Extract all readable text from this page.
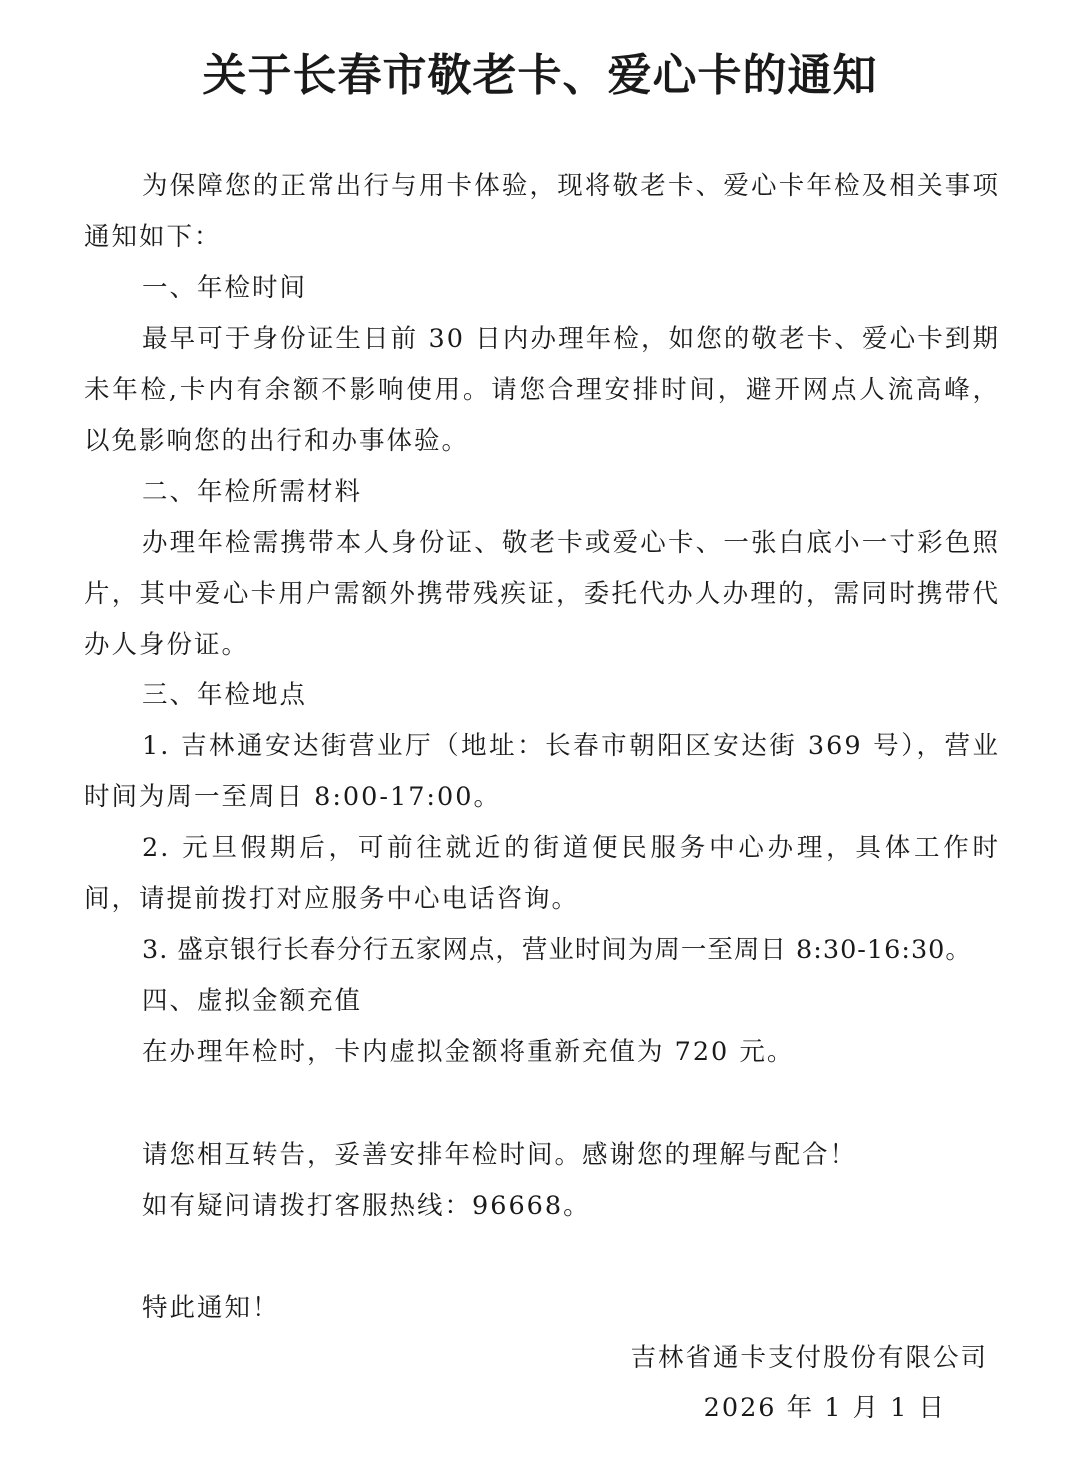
关于长春市敬老卡、爱心卡的通知
为保障您的正常出行与用卡体验，现将敬老卡、爱心卡年检及相关事项通知如下：
一、年检时间
最早可于身份证生日前 30 日内办理年检，如您的敬老卡、爱心卡到期未年检,卡内有余额不影响使用。请您合理安排时间，避开网点人流高峰，以免影响您的出行和办事体验。
二、年检所需材料
办理年检需携带本人身份证、敬老卡或爱心卡、一张白底小一寸彩色照片，其中爱心卡用户需额外携带残疾证，委托代办人办理的，需同时携带代办人身份证。
三、年检地点
1. 吉林通安达街营业厅（地址：长春市朝阳区安达街 369 号），营业时间为周一至周日 8:00-17:00。
2. 元旦假期后，可前往就近的街道便民服务中心办理，具体工作时间，请提前拨打对应服务中心电话咨询。
3. 盛京银行长春分行五家网点，营业时间为周一至周日 8:30-16:30。
四、虚拟金额充值
在办理年检时，卡内虚拟金额将重新充值为 720 元。
请您相互转告，妥善安排年检时间。感谢您的理解与配合！
如有疑问请拨打客服热线：96668。
特此通知！
吉林省通卡支付股份有限公司
2026 年 1 月 1 日
